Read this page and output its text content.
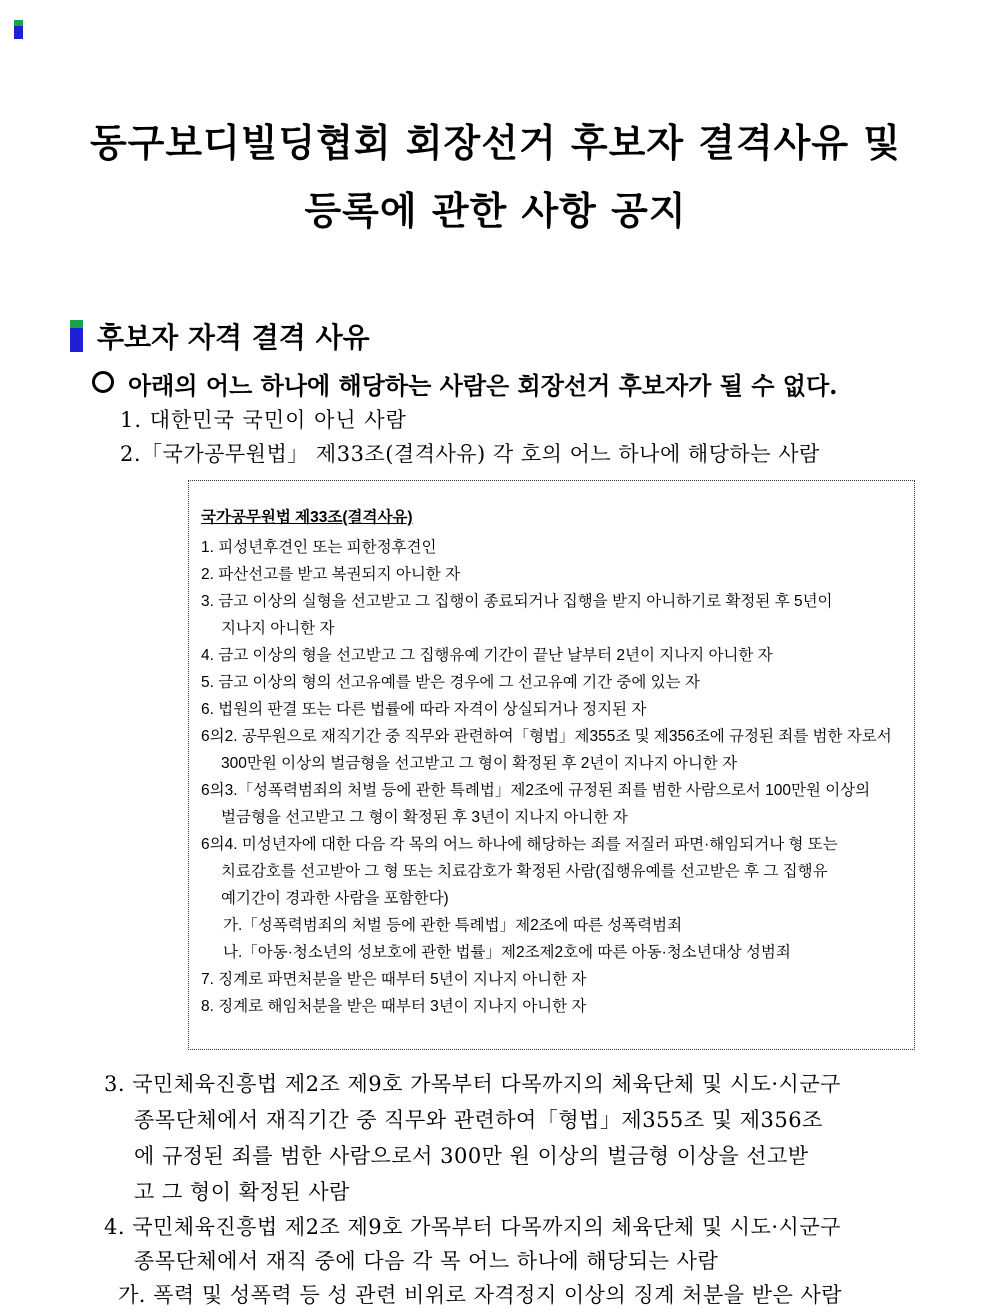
동구보디빌딩협회 회장선거 후보자 결격사유 및
등록에 관한 사항 공지
후보자 자격 결격 사유
아래의 어느 하나에 해당하는 사람은 회장선거 후보자가 될 수 없다.
1. 대한민국 국민이 아닌 사람
2.「국가공무원법」 제33조(결격사유) 각 호의 어느 하나에 해당하는 사람
국가공무원법 제33조(결격사유)
1. 피성년후견인 또는 피한정후견인
2. 파산선고를 받고 복권되지 아니한 자
3. 금고 이상의 실형을 선고받고 그 집행이 종료되거나 집행을 받지 아니하기로 확정된 후 5년이
지나지 아니한 자
4. 금고 이상의 형을 선고받고 그 집행유예 기간이 끝난 날부터 2년이 지나지 아니한 자
5. 금고 이상의 형의 선고유예를 받은 경우에 그 선고유예 기간 중에 있는 자
6. 법원의 판결 또는 다른 법률에 따라 자격이 상실되거나 정지된 자
6의2. 공무원으로 재직기간 중 직무와 관련하여「형법」제355조 및 제356조에 규정된 죄를 범한 자로서
300만원 이상의 벌금형을 선고받고 그 형이 확정된 후 2년이 지나지 아니한 자
6의3.「성폭력범죄의 처벌 등에 관한 특례법」제2조에 규정된 죄를 범한 사람으로서 100만원 이상의
벌금형을 선고받고 그 형이 확정된 후 3년이 지나지 아니한 자
6의4. 미성년자에 대한 다음 각 목의 어느 하나에 해당하는 죄를 저질러 파면·해임되거나 형 또는
치료감호를 선고받아 그 형 또는 치료감호가 확정된 사람(집행유예를 선고받은 후 그 집행유
예기간이 경과한 사람을 포함한다)
가.「성폭력범죄의 처벌 등에 관한 특례법」제2조에 따른 성폭력범죄
나.「아동·청소년의 성보호에 관한 법률」제2조제2호에 따른 아동·청소년대상 성범죄
7. 징계로 파면처분을 받은 때부터 5년이 지나지 아니한 자
8. 징계로 해임처분을 받은 때부터 3년이 지나지 아니한 자
3. 국민체육진흥법 제2조 제9호 가목부터 다목까지의 체육단체 및 시도·시군구
종목단체에서 재직기간 중 직무와 관련하여「형법」제355조 및 제356조
에 규정된 죄를 범한 사람으로서 300만 원 이상의 벌금형 이상을 선고받
고 그 형이 확정된 사람
4. 국민체육진흥법 제2조 제9호 가목부터 다목까지의 체육단체 및 시도·시군구
종목단체에서 재직 중에 다음 각 목 어느 하나에 해당되는 사람
가. 폭력 및 성폭력 등 성 관련 비위로 자격정지 이상의 징계 처분을 받은 사람
